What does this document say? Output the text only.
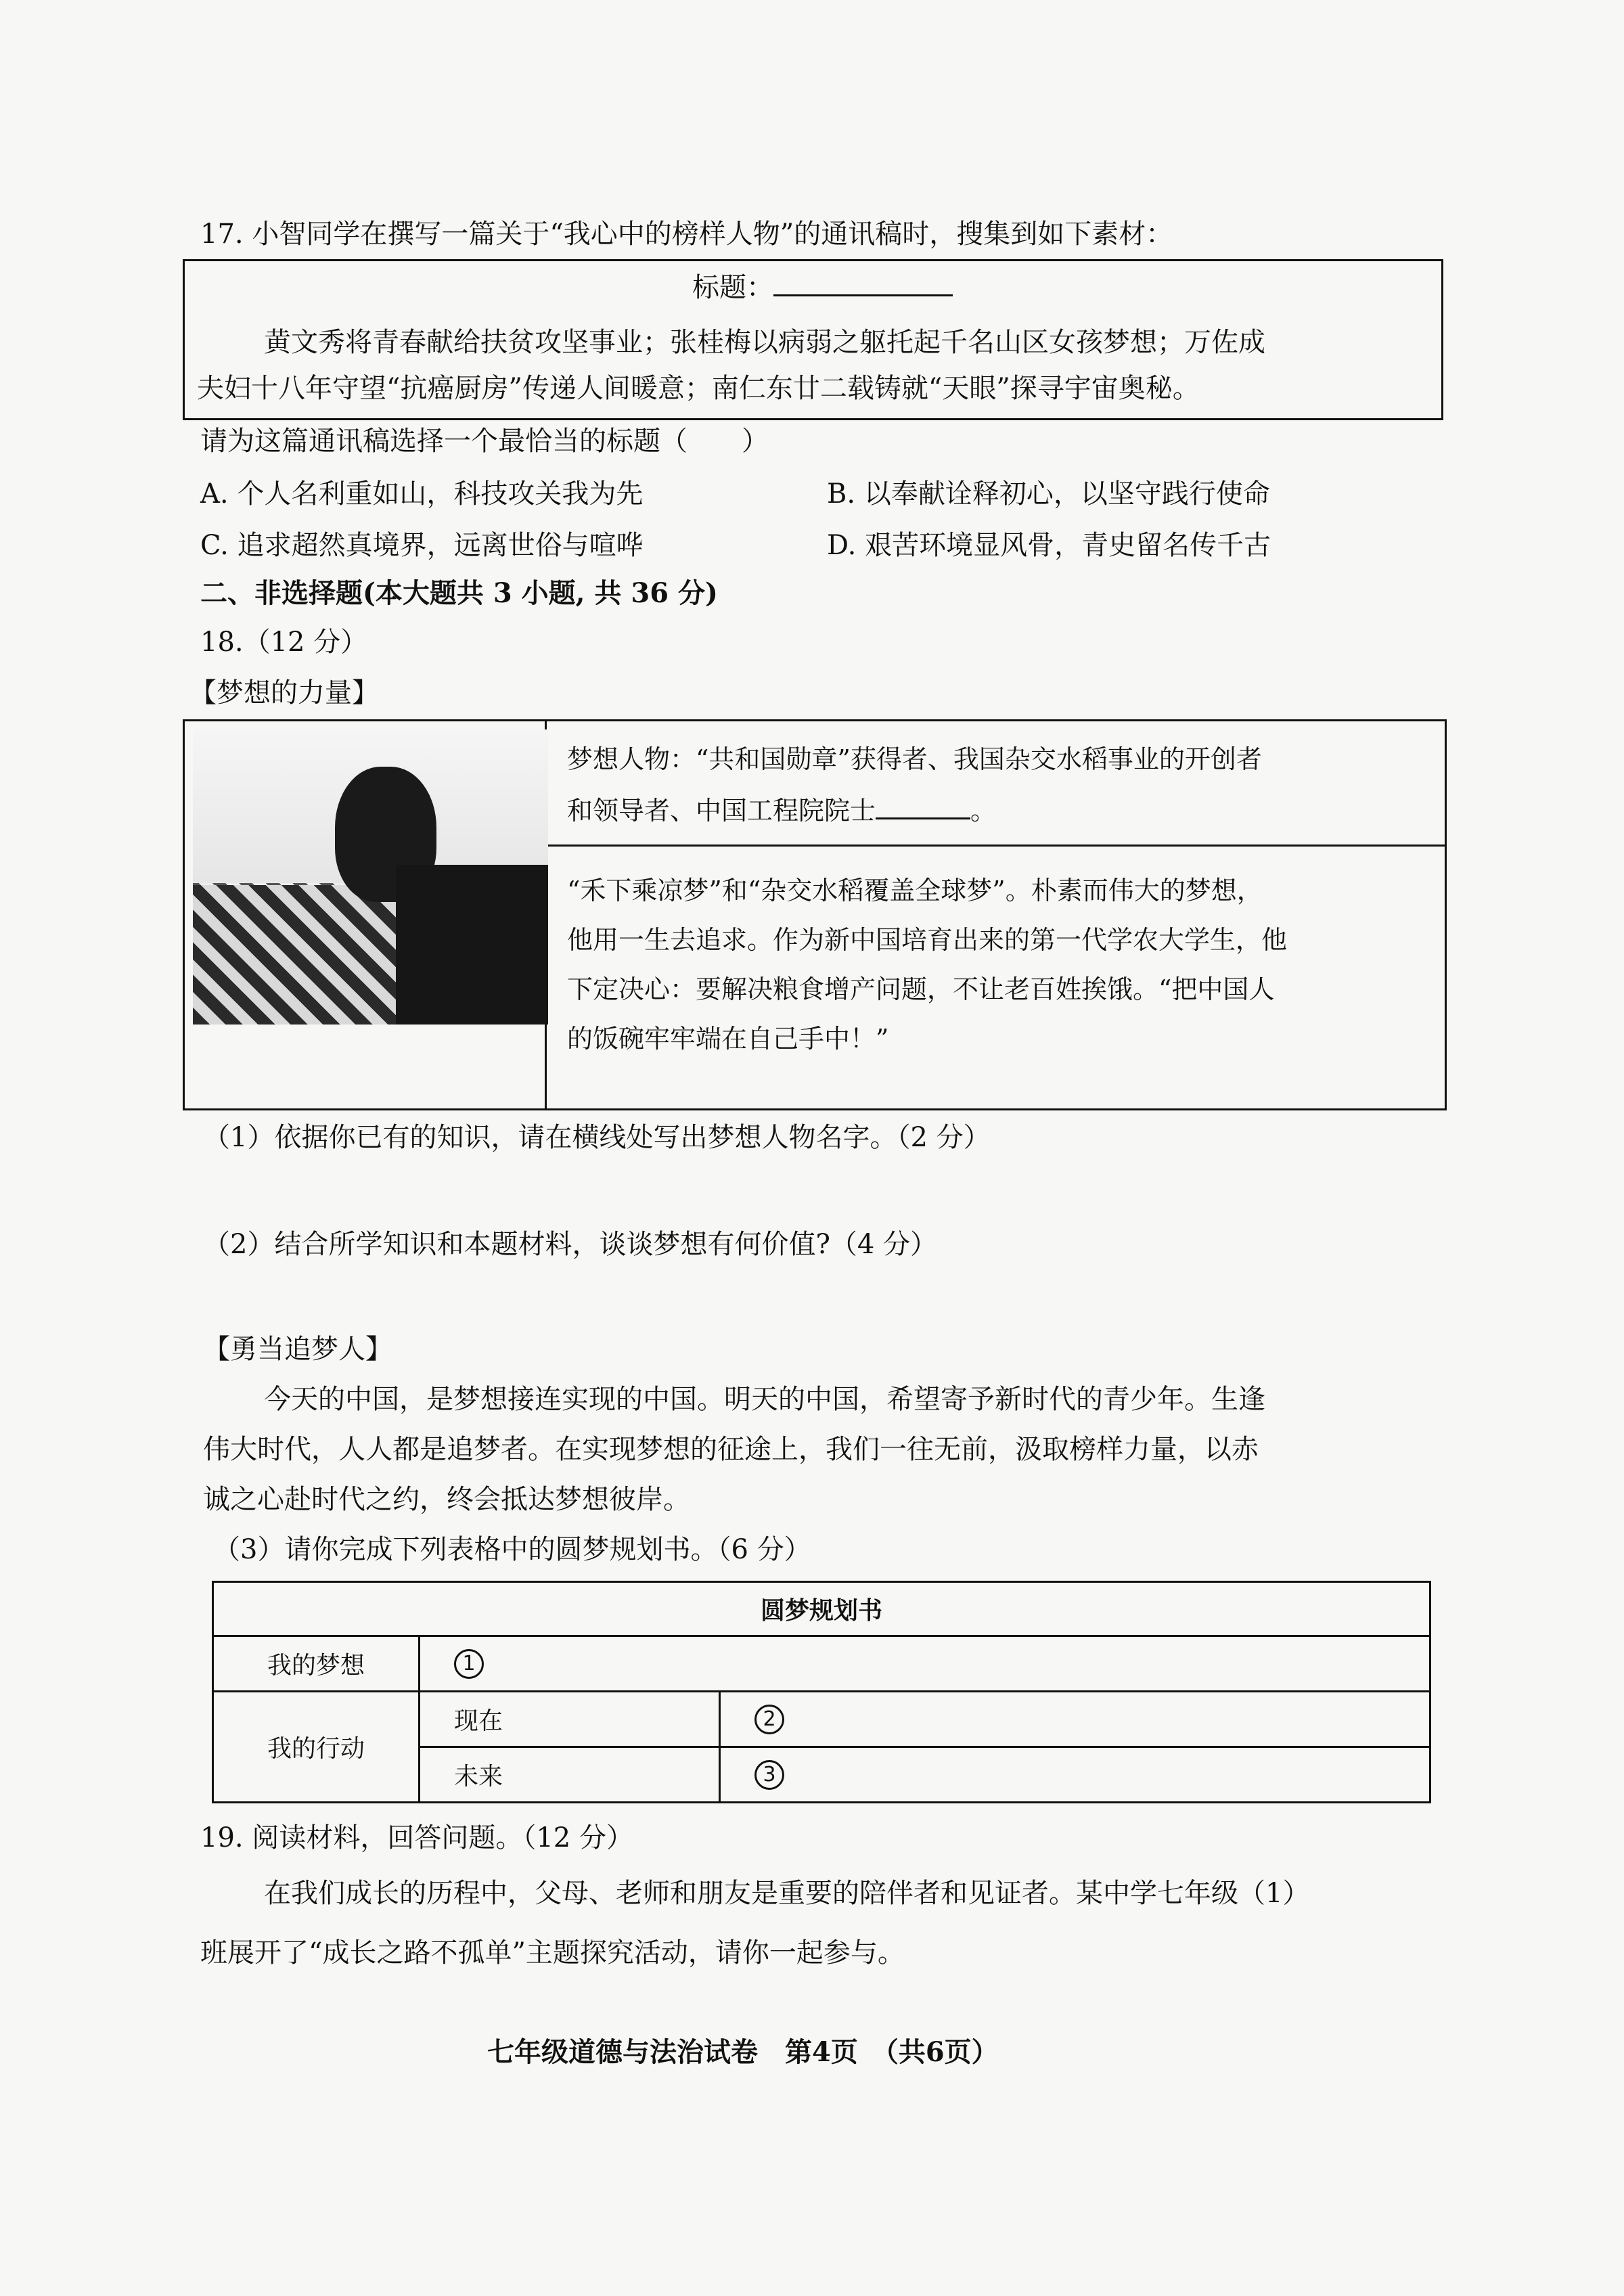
17. 小智同学在撰写一篇关于“我心中的榜样人物”的通讯稿时，搜集到如下素材：
标题：
黄文秀将青春献给扶贫攻坚事业；张桂梅以病弱之躯托起千名山区女孩梦想；万佐成
夫妇十八年守望“抗癌厨房”传递人间暖意；南仁东廿二载铸就“天眼”探寻宇宙奥秘。
请为这篇通讯稿选择一个最恰当的标题（　　）
A. 个人名利重如山，科技攻关我为先	B. 以奉献诠释初心，以坚守践行使命
C. 追求超然真境界，远离世俗与喧哗	D. 艰苦环境显风骨，青史留名传千古
二、非选择题(本大题共 3 小题, 共 36 分)
18.（12 分）
【梦想的力量】
梦想人物：“共和国勋章”获得者、我国杂交水稻事业的开创者
和领导者、中国工程院院士	。
“禾下乘凉梦”和“杂交水稻覆盖全球梦”。朴素而伟大的梦想，
他用一生去追求。作为新中国培育出来的第一代学农大学生，他
下定决心：要解决粮食增产问题，不让老百姓挨饿。“把中国人
的饭碗牢牢端在自己手中！”
（1）依据你已有的知识，请在横线处写出梦想人物名字。（2 分）
（2）结合所学知识和本题材料，谈谈梦想有何价值?（4 分）
【勇当追梦人】
今天的中国，是梦想接连实现的中国。明天的中国，希望寄予新时代的青少年。生逢
伟大时代，人人都是追梦者。在实现梦想的征途上，我们一往无前，汲取榜样力量，以赤
诚之心赴时代之约，终会抵达梦想彼岸。
（3）请你完成下列表格中的圆梦规划书。（6 分）
圆梦规划书		
我的梦想	1	
我的行动	现在	2
	未来	3
19. 阅读材料，回答问题。（12 分）
在我们成长的历程中，父母、老师和朋友是重要的陪伴者和见证者。某中学七年级（1）
班展开了“成长之路不孤单”主题探究活动，请你一起参与。
七年级道德与法治试卷　第4页　（共6页）
